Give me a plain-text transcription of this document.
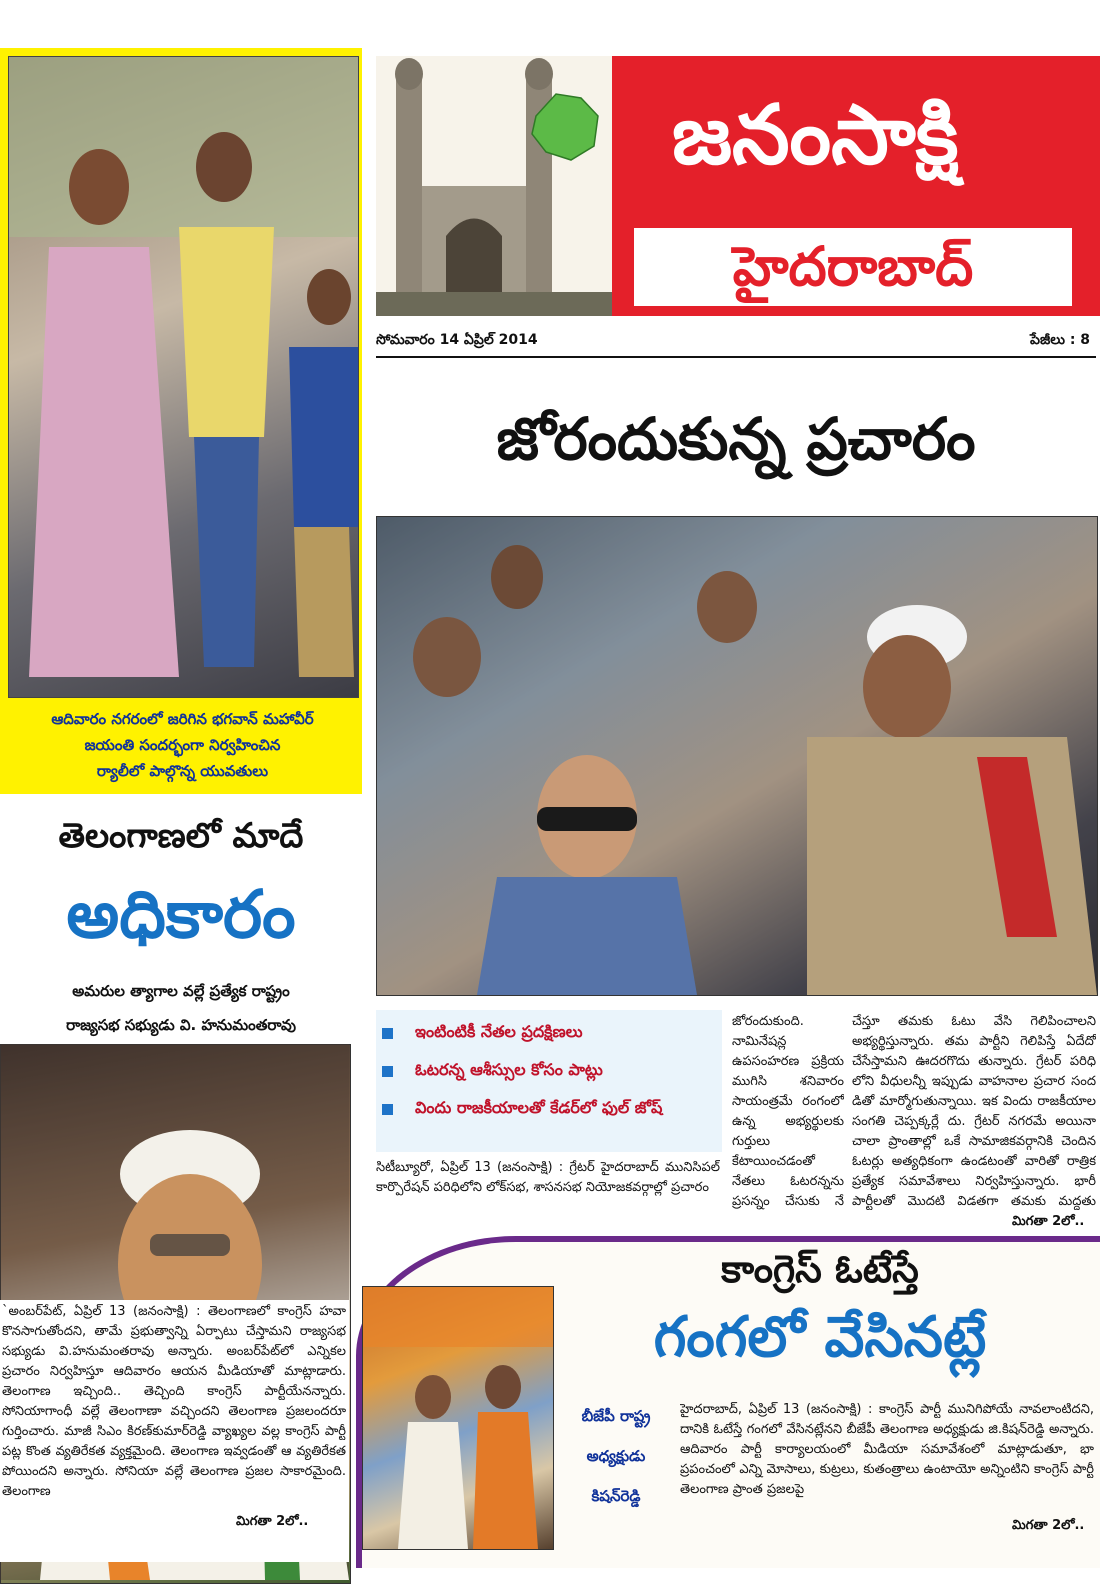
ఆదివారం నగరంలో జరిగిన భగవాన్‌ మహావీర్‌
జయంతి సందర్భంగా నిర్వహించిన
ర్యాలీలో పాల్గొన్న యువతులు
తెలంగాణలో మాదే
అధికారం
అమరుల త్యాగాల వల్లే ప్రత్యేక రాష్ట్రం
రాజ్యసభ సభ్యుడు వి. హనుమంతరావు
`అంబర్‌పేట్‌, ఏప్రిల్‌ 13 (జనంసాక్షి) : తెలంగాణలో కాంగ్రెస్‌ హవా కొనసాగుతోందని, తామే ప్రభుత్వాన్ని ఏర్పాటు చేస్తామని రాజ్యసభ సభ్యుడు వి.హనుమంతరావు అన్నారు. అంబర్‌పేట్‌లో ఎన్నికల ప్రచారం నిర్వహిస్తూ ఆదివారం ఆయన మీడియాతో మాట్లాడారు. తెలంగాణ ఇచ్చింది.. తెచ్చింది కాంగ్రెస్‌ పార్టీయేనన్నారు. సోనియాగాంధీ వల్లే తెలంగాణా వచ్చిందని తెలంగాణ ప్రజలందరూ గుర్తించారు. మాజీ సిఎం కిరణ్‌కుమార్‌రెడ్డి వ్యాఖ్యల వల్ల కాంగ్రెస్‌ పార్టీ పట్ల కొంత వ్యతిరేకత వ్యక్తమైంది. తెలంగాణ ఇవ్వడంతో ఆ వ్యతిరేకత పోయిందని అన్నారు. సోనియా వల్లే తెలంగాణ ప్రజల సాకారమైంది. తెలంగాణ
మిగతా 2లో..
జనంసాక్షి
హైదరాబాద్
సోమవారం 14 ఏప్రిల్‌ 2014	పేజీలు : 8
జోరందుకున్న ప్రచారం
ఇంటింటికీ నేతల ప్రదక్షిణలు
ఓటరన్న ఆశీస్సుల కోసం పాట్లు
విందు రాజకీయాలతో కేడర్‌లో ఫుల్‌ జోష్‌
సిటీబ్యూరో, ఏప్రిల్‌ 13 (జనంసాక్షి) : గ్రేటర్‌ హైదరాబాద్‌ మునిసిపల్‌ కార్పొరేషన్‌ పరిధిలోని లోక్‌సభ, శాసనసభ నియోజకవర్గాల్లో ప్రచారం
జోరందుకుంది. నామినేషన్ల ఉపసంహరణ ప్రక్రియ ముగిసి శనివారం సాయంత్రమే రంగంలో ఉన్న అభ్యర్థులకు గుర్తులు కేటాయించడంతో నేతలు ఓటరన్నను ప్రసన్నం చేసుకు నే
చేస్తూ తమకు ఓటు వేసి గెలిపించాలని అభ్యర్థిస్తున్నారు. తమ పార్టీని గెలిపిస్తే ఏదేదో చేసేస్తామని ఊదరగొదు తున్నారు. గ్రేటర్‌ పరిధి లోని వీధులన్నీ ఇప్పుడు వాహనాల ప్రచార సంద డితో మార్మోగుతున్నాయి. ఇక విందు రాజకీయాల సంగతి చెప్పక్కర్లే దు. గ్రేటర్‌ నగరమే అయినా చాలా ప్రాంతాల్లో ఒకే సామాజికవర్గానికి చెందిన ఓటర్లు అత్యధికంగా ఉండటంతో వారితో రాత్రిక ప్రత్యేక సమావేశాలు నిర్వహిస్తున్నారు. భారీ పార్టీలతో మొదటి విడతగా తమకు మద్దతు
మిగతా 2లో..
కాంగ్రెస్‌ ఓటేస్తే
గంగలో వేసినట్లే
బీజేపీ రాష్ట్ర
అధ్యక్షుడు
కిషన్‌రెడ్డి
హైదరాబాద్‌, ఏప్రిల్‌ 13 (జనంసాక్షి) : కాంగ్రెస్‌ పార్టీ మునిగిపోయే నావలాంటిదని, దానికి ఓటేస్తే గంగలో వేసినట్లేనని బీజేపీ తెలంగాణ అధ్యక్షుడు జి.కిషన్‌రెడ్డి అన్నారు. ఆదివారం పార్టీ కార్యాలయంలో మీడియా సమావేశంలో మాట్లాడుతూ, భా ప్రపంచంలో ఎన్ని మోసాలు, కుట్రలు, కుతంత్రాలు ఉంటాయో అన్నింటిని కాంగ్రెస్‌ పార్టీ తెలంగాణ ప్రాంత ప్రజలపై
మిగతా 2లో..
